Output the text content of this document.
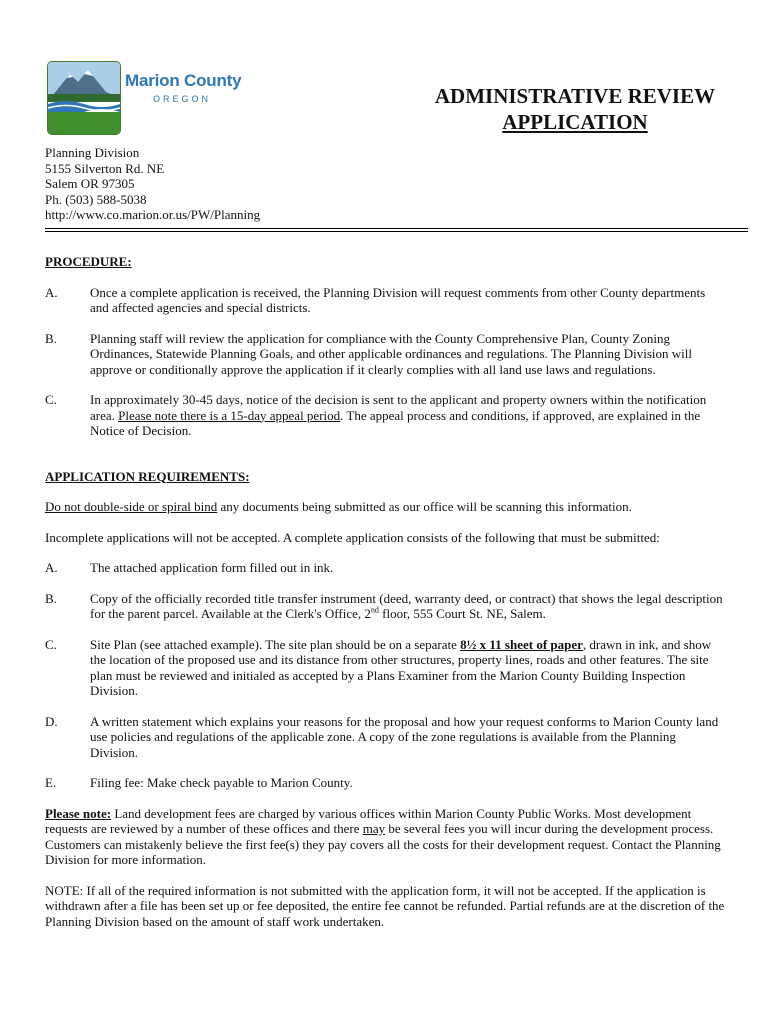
Marion County
OREGON	ADMINISTRATIVE REVIEW
APPLICATION
Planning Division
5155 Silverton Rd. NE
Salem OR 97305
Ph. (503) 588-5038
http://www.co.marion.or.us/PW/Planning
PROCEDURE:
A. Once a complete application is received, the Planning Division will request comments from other County departments and affected agencies and special districts.
B.	Planning staff will review the application for compliance with the County Comprehensive Plan, County Zoning Ordinances, Statewide Planning Goals, and other applicable ordinances and regulations. The Planning Division will approve or conditionally approve the application if it clearly complies with all land use laws and regulations.
C.	In approximately 30-45 days, notice of the decision is sent to the applicant and property owners within the notification area. Please note there is a 15-day appeal period. The appeal process and conditions, if approved, are explained in the Notice of Decision.

APPLICATION REQUIREMENTS:

Do not double-side or spiral bind any documents being submitted as our office will be scanning this information.

Incomplete applications will not be accepted. A complete application consists of the following that must be submitted:

A. The attached application form filled out in ink.
B.	Copy of the officially recorded title transfer instrument (deed, warranty deed, or contract) that shows the legal description for the parent parcel. Available at the Clerk's Office, 2nd floor, 555 Court St. NE, Salem.
C.	Site Plan (see attached example). The site plan should be on a separate 8½ x 11 sheet of paper, drawn in ink, and show the location of the proposed use and its distance from other structures, property lines, roads and other features. The site plan must be reviewed and initialed as accepted by a Plans Examiner from the Marion County Building Inspection Division.
D. A written statement which explains your reasons for the proposal and how your request conforms to Marion County land use policies and regulations of the applicable zone. A copy of the zone regulations is available from the Planning Division.
E.	Filing fee: Make check payable to Marion County.

Please note: Land development fees are charged by various offices within Marion County Public Works. Most development requests are reviewed by a number of these offices and there may be several fees you will incur during the development process. Customers can mistakenly believe the first fee(s) they pay covers all the costs for their development request. Contact the Planning Division for more information.

NOTE: If all of the required information is not submitted with the application form, it will not be accepted. If the application is withdrawn after a file has been set up or fee deposited, the entire fee cannot be refunded. Partial refunds are at the discretion of the Planning Division based on the amount of staff work undertaken.
